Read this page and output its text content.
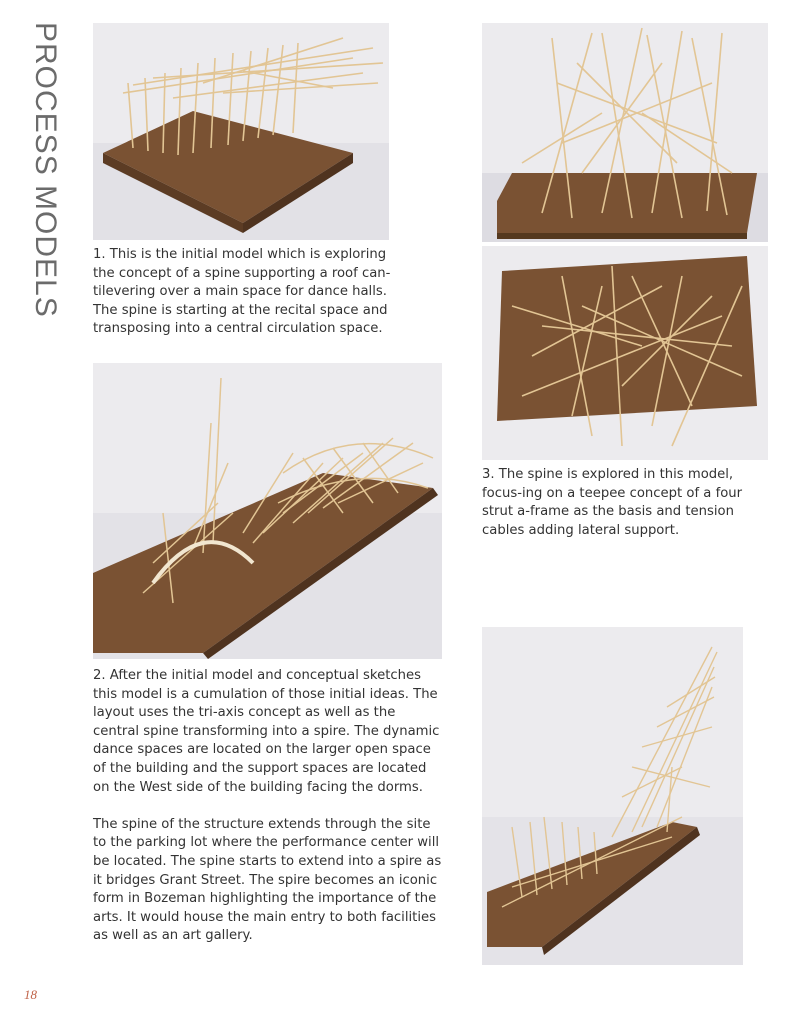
PROCESS MODELS 1. This is the initial model which is exploring the concept of a spine supporting a roof can-tilevering over a main space for dance halls. The spine is starting at the recital space and transposing into a central circulation space.

3. The spine is explored in this model, focus-ing on a teepee concept of a four strut a-frame as the basis and tension cables adding lateral support.

2. After the initial model and conceptual sketches this model is a cumulation of those initial ideas. The layout uses the tri-axis concept as well as the central spine transforming into a spire. The dynamic dance spaces are located on the larger open space of the building and the support spaces are located on the West side of the building facing the dorms.

The spine of the structure extends through the site to the parking lot where the performance center will be located. The spine starts to extend into a spire as it bridges Grant Street. The spire becomes an iconic form in Bozeman highlighting the importance of the arts. It would house the main entry to both facilities as well as an art gallery.

18
